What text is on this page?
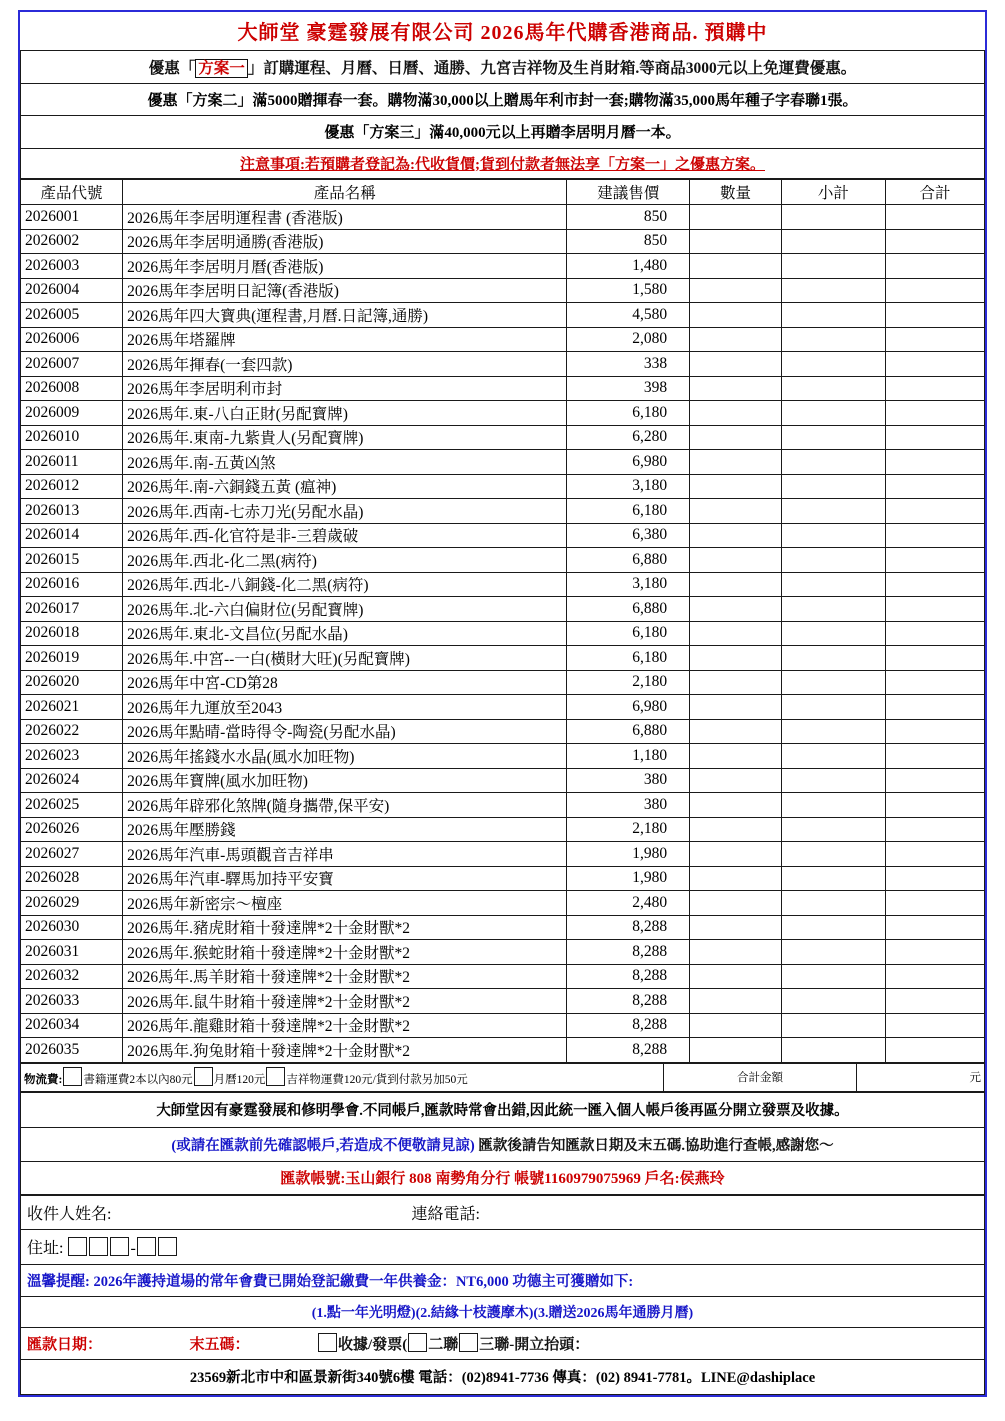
大師堂 豪霆發展有限公司 2026馬年代購香港商品. 預購中
優惠「 方案一 」訂購運程、月曆、日曆、通勝、九宮吉祥物及生肖財箱.等商品3000元以上免運費優惠。
優惠「方案二」滿5000贈揮春一套。購物滿30,000以上贈馬年利市封一套;購物滿35,000馬年種子字春聯1張。
優惠「方案三」滿40,000元以上再贈李居明月曆一本。
注意事項:若預購者登記為:代收貨價;貨到付款者無法享「方案一」之優惠方案。
產品代號	產品名稱	建議售價	數量	小計	合計
2026001	2026馬年李居明運程書 (香港版)	850			
2026002	2026馬年李居明通勝(香港版)	850			
2026003	2026馬年李居明月曆(香港版)	1,480			
2026004	2026馬年李居明日記簿(香港版)	1,580			
2026005	2026馬年四大寶典(運程書,月曆.日記簿,通勝)	4,580			
2026006	2026馬年塔羅牌	2,080			
2026007	2026馬年揮春(一套四款)	338			
2026008	2026馬年李居明利市封	398			
2026009	2026馬年.東-八白正財(另配寶牌)	6,180			
2026010	2026馬年.東南-九紫貴人(另配寶牌)	6,280			
2026011	2026馬年.南-五黃凶煞	6,980			
2026012	2026馬年.南-六銅錢五黃 (瘟神)	3,180			
2026013	2026馬年.西南-七赤刀光(另配水晶)	6,180			
2026014	2026馬年.西-化官符是非-三碧歲破	6,380			
2026015	2026馬年.西北-化二黑(病符)	6,880			
2026016	2026馬年.西北-八銅錢-化二黑(病符)	3,180			
2026017	2026馬年.北-六白偏財位(另配寶牌)	6,880			
2026018	2026馬年.東北-文昌位(另配水晶)	6,180			
2026019	2026馬年.中宮--一白(橫財大旺)(另配寶牌)	6,180			
2026020	2026馬年中宮-CD第28	2,180			
2026021	2026馬年九運放至2043	6,980			
2026022	2026馬年點晴-當時得令-陶瓷(另配水晶)	6,880			
2026023	2026馬年搖錢水水晶(風水加旺物)	1,180			
2026024	2026馬年寶牌(風水加旺物)	380			
2026025	2026馬年辟邪化煞牌(隨身攜帶,保平安)	380			
2026026	2026馬年壓勝錢	2,180			
2026027	2026馬年汽車-馬頭觀音吉祥串	1,980			
2026028	2026馬年汽車-驛馬加持平安寶	1,980			
2026029	2026馬年新密宗～檀座	2,480			
2026030	2026馬年.豬虎財箱十發達牌*2十金財獸*2	8,288			
2026031	2026馬年.猴蛇財箱十發達牌*2十金財獸*2	8,288			
2026032	2026馬年.馬羊財箱十發達牌*2十金財獸*2	8,288			
2026033	2026馬年.鼠牛財箱十發達牌*2十金財獸*2	8,288			
2026034	2026馬年.龍雞財箱十發達牌*2十金財獸*2	8,288			
2026035	2026馬年.狗兔財箱十發達牌*2十金財獸*2	8,288			
物流費: 書籍運費2本以內80元 月曆120元 吉祥物運費120元/貨到付款另加50元	合計金額	元
大師堂因有豪霆發展和修明學會.不同帳戶,匯款時常會出錯,因此統一匯入個人帳戶後再區分開立發票及收據。
(或請在匯款前先確認帳戶,若造成不便敬請見諒) 匯款後請告知匯款日期及末五碼.協助進行查帳,感謝您～
匯款帳號:玉山銀行 808 南勢角分行 帳號1160979075969 戶名:侯燕玲
收件人姓名:	連絡電話:
住址:	-
溫馨提醒: 2026年護持道場的常年會費已開始登記繳費一年供養金：NT6,000 功德主可獲贈如下:
(1.點一年光明燈)(2.結緣十枝護摩木)(3.贈送2026馬年通勝月曆)
匯款日期：	末五碼：	收據/發票( 二聯 三聯-開立抬頭：
23569新北市中和區景新街340號6樓 電話：(02)8941-7736 傳真：(02) 8941-7781。LINE@dashiplace
